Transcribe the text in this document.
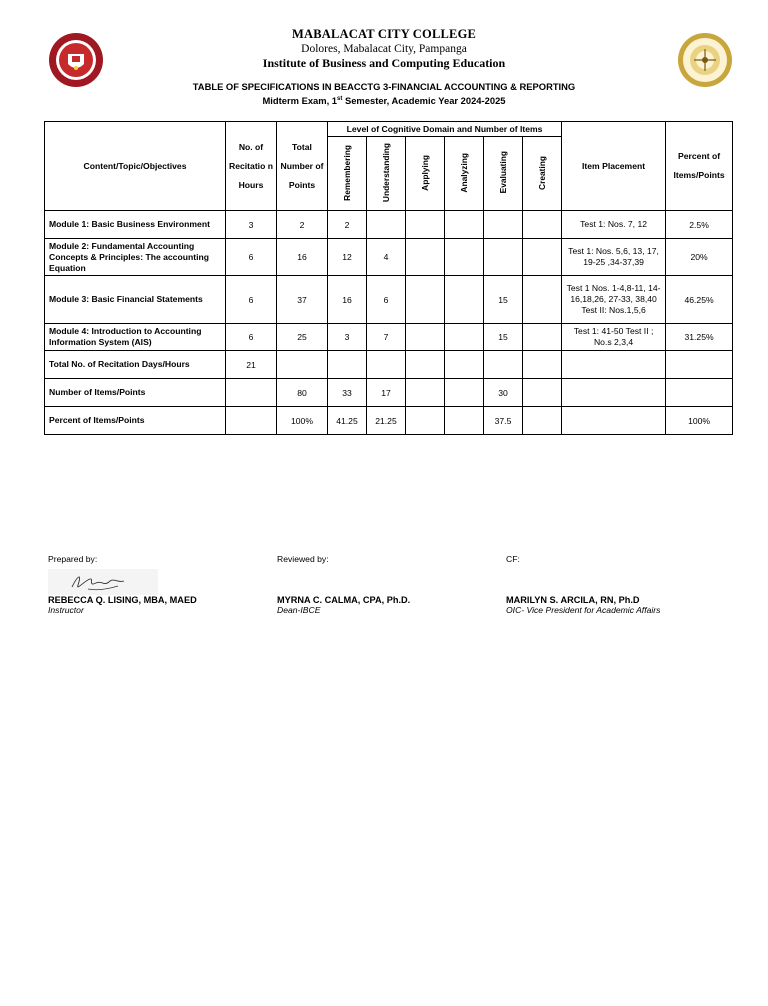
MABALACAT CITY COLLEGE
Dolores, Mabalacat City, Pampanga
Institute of Business and Computing Education
TABLE OF SPECIFICATIONS IN BEACCTG 3-FINANCIAL ACCOUNTING & REPORTING
Midterm Exam, 1st Semester, Academic Year 2024-2025
Content/Topic/Objectives	No. of Recitatio n Hours	Total Number of Points	Level of Cognitive Domain and Number of Items						Item Placement	Percent of Items/Points
			Remembering	Understanding	Applying	Analyzing	Evaluating	Creating		
Module 1: Basic Business Environment	3	2	2						Test 1: Nos. 7, 12	2.5%
Module 2: Fundamental Accounting Concepts & Principles: The accounting Equation	6	16	12	4					Test 1: Nos. 5,6, 13, 17, 19-25 ,34-37,39	20%
Module 3: Basic Financial Statements	6	37	16	6			15		Test 1 Nos. 1-4,8-11, 14-16,18,26, 27-33, 38,40 Test II: Nos.1,5,6	46.25%
Module 4: Introduction to Accounting Information System (AIS)	6	25	3	7			15		Test 1: 41-50 Test II ; No.s 2,3,4	31.25%
Total No. of Recitation Days/Hours	21									
Number of Items/Points		80	33	17			30			
Percent of Items/Points		100%	41.25	21.25			37.5			100%
Prepared by:
REBECCA Q. LISING, MBA, MAED
Instructor
Reviewed by:
MYRNA C. CALMA, CPA, Ph.D.
Dean-IBCE
CF:
MARILYN S. ARCILA, RN, Ph.D
OIC- Vice President for Academic Affairs
